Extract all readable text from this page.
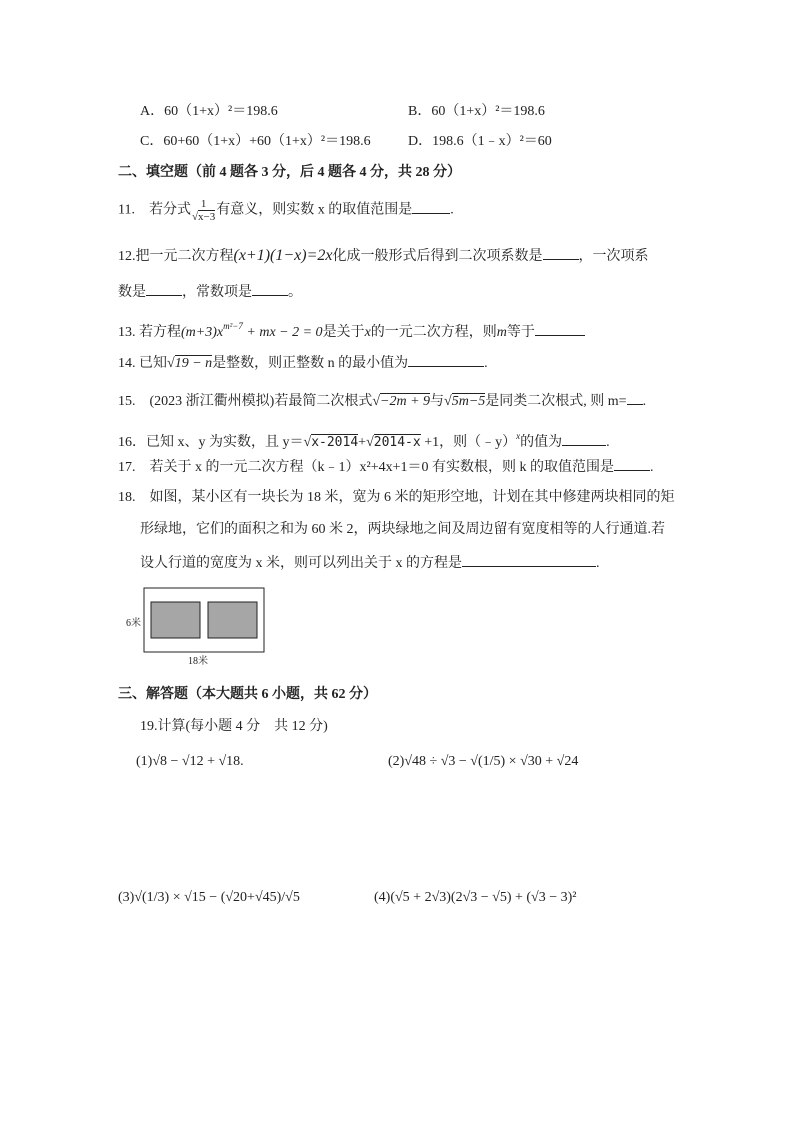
A．60（1+x）²＝198.6	B．60（1+x）²＝198.6
C．60+60（1+x）+60（1+x）²＝198.6	D．198.6（1﹣x）²＝60
二、填空题（前 4 题各 3 分，后 4 题各 4 分，共 28 分）
11.　若分式 $\frac{1}{√x-3}$ 有意义，则实数 x 的取值范围是	.
12.把一元二次方程(x+1)(1−x)=2x化成一般形式后得到二次项系数是	，一次项系
数是	，常数项是	。
13. 若方程$(m+3)x^{m^2-7}$ + mx − 2 = 0是关于x的一元二次方程，则m等于
14. 已知√19 − n是整数，则正整数 n 的最小值为	.
15.　(2023 浙江衢州模拟)若最简二次根式√−2m + 9与√5m−5是同类二次根式, 则 m= .
16．已知 x、y 为实数，且 y＝√x-2014+√2014-x +1，则（﹣y）$^x$的值为	.
17.　若关于 x 的一元二次方程（k﹣1）x²+4x+1＝0 有实数根，则 k 的取值范围是	.
18.　如图，某小区有一块长为 18 米，宽为 6 米的矩形空地，计划在其中修建两块相同的矩
形绿地，它们的面积之和为 60 米 2，两块绿地之间及周边留有宽度相等的人行通道.若
设人行道的宽度为 x 米，则可以列出关于 x 的方程是	.
6米
18米
三、解答题（本大题共 6 小题，共 62 分）
19.计算(每小题 4 分　共 12 分)
(1)√8 − √12 + √18.	(2)√48 ÷ √3 − √(1/5) × √30 + √24
(3)√(1/3) × √15 − (√20+√45)/√5	(4)(√5 + 2√3)(2√3 − √5) + (√3 − 3)²
